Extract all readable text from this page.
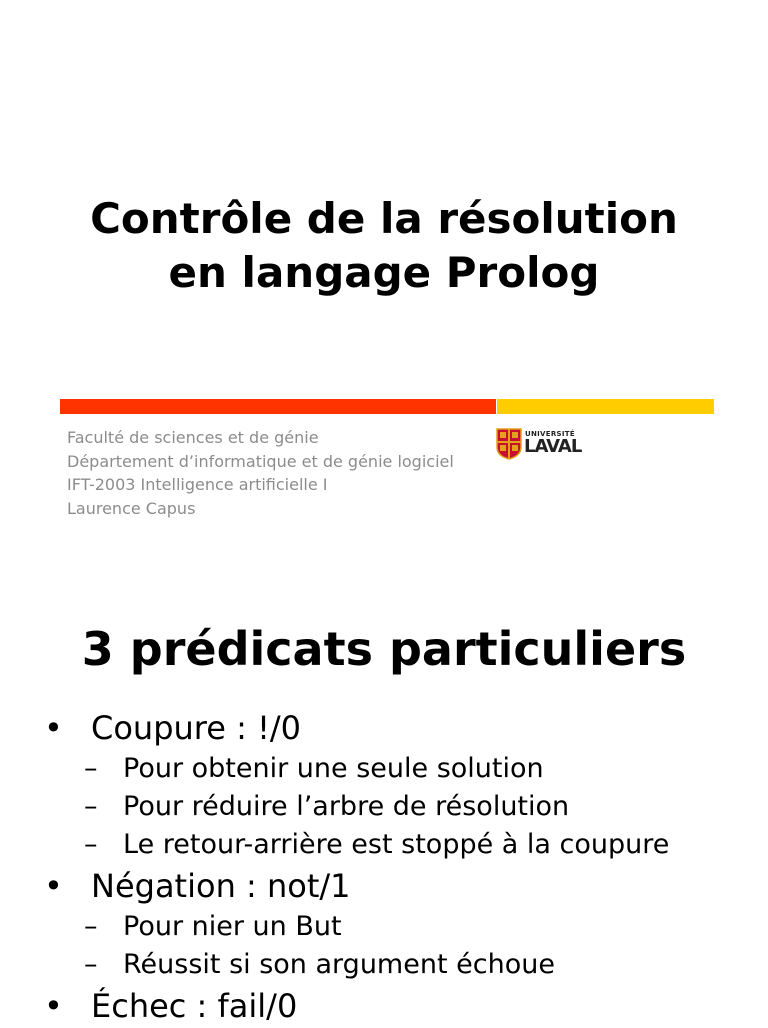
Contrôle de la résolution
en langage Prolog
Faculté de sciences et de génie
Département d’informatique et de génie logiciel
IFT-2003 Intelligence artificielle I
Laurence Capus
UNIVERSITÉ
LAVAL
3 prédicats particuliers
• Coupure : !/0
– Pour obtenir une seule solution
– Pour réduire l’arbre de résolution
– Le retour-arrière est stoppé à la coupure
• Négation : not/1
– Pour nier un But
– Réussit si son argument échoue
• Échec : fail/0
